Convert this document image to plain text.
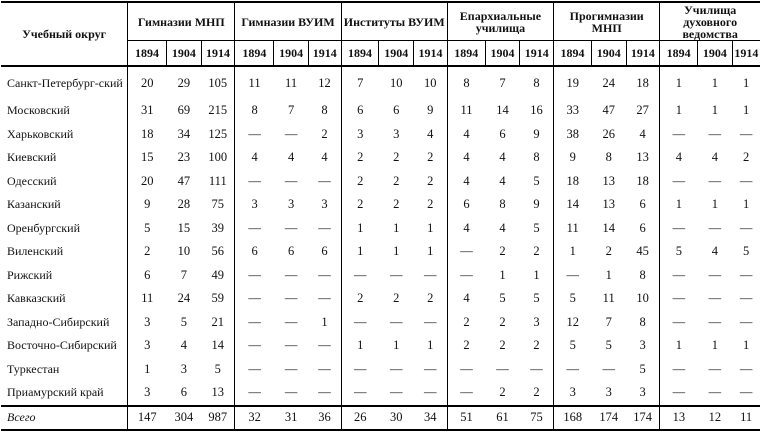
Учебный округ	Гимназии МНП			Гимназии ВУИМ			Институты ВУИМ			Епархиальные училища			Прогимназии МНП			Училища духовного ведомства		
	1894	1904	1914	1894	1904	1914	1894	1904	1914	1894	1904	1914	1894	1904	1914	1894	1904	1914
Санкт-Петербург-ский	20	29	105	11	11	12	7	10	10	8	7	8	19	24	18	1	1	1
Московский	31	69	215	8	7	8	6	6	9	11	14	16	33	47	27	1	1	1
Харьковский	18	34	125	—	—	2	3	3	4	4	6	9	38	26	4	—	—	—
Киевский	15	23	100	4	4	4	2	2	2	4	4	8	9	8	13	4	4	2
Одесский	20	47	111	—	—	—	2	2	2	4	4	5	18	13	18	—	—	—
Казанский	9	28	75	3	3	3	2	2	2	6	8	9	14	13	6	1	1	1
Оренбургский	5	15	39	—	—	—	1	1	1	4	4	5	11	14	6	—	—	—
Виленский	2	10	56	6	6	6	1	1	1	—	2	2	1	2	45	5	4	5
Рижский	6	7	49	—	—	—	—	—	—	—	1	1	—	1	8	—	—	—
Кавказский	11	24	59	—	—	—	2	2	2	4	5	5	5	11	10	—	—	—
Западно-Сибирский	3	5	21	—	—	1	—	—	—	2	2	3	12	7	8	—	—	—
Восточно-Сибирский	3	4	14	—	—	—	1	1	1	2	2	2	5	5	3	1	1	1
Туркестан	1	3	5	—	—	—	—	—	—	—	—	—	—	—	5	—	—	—
Приамурский край	3	6	13	—	—	—	—	—	—	—	2	2	3	3	3	—	—	—
Всего	147	304	987	32	31	36	26	30	34	51	61	75	168	174	174	13	12	11
